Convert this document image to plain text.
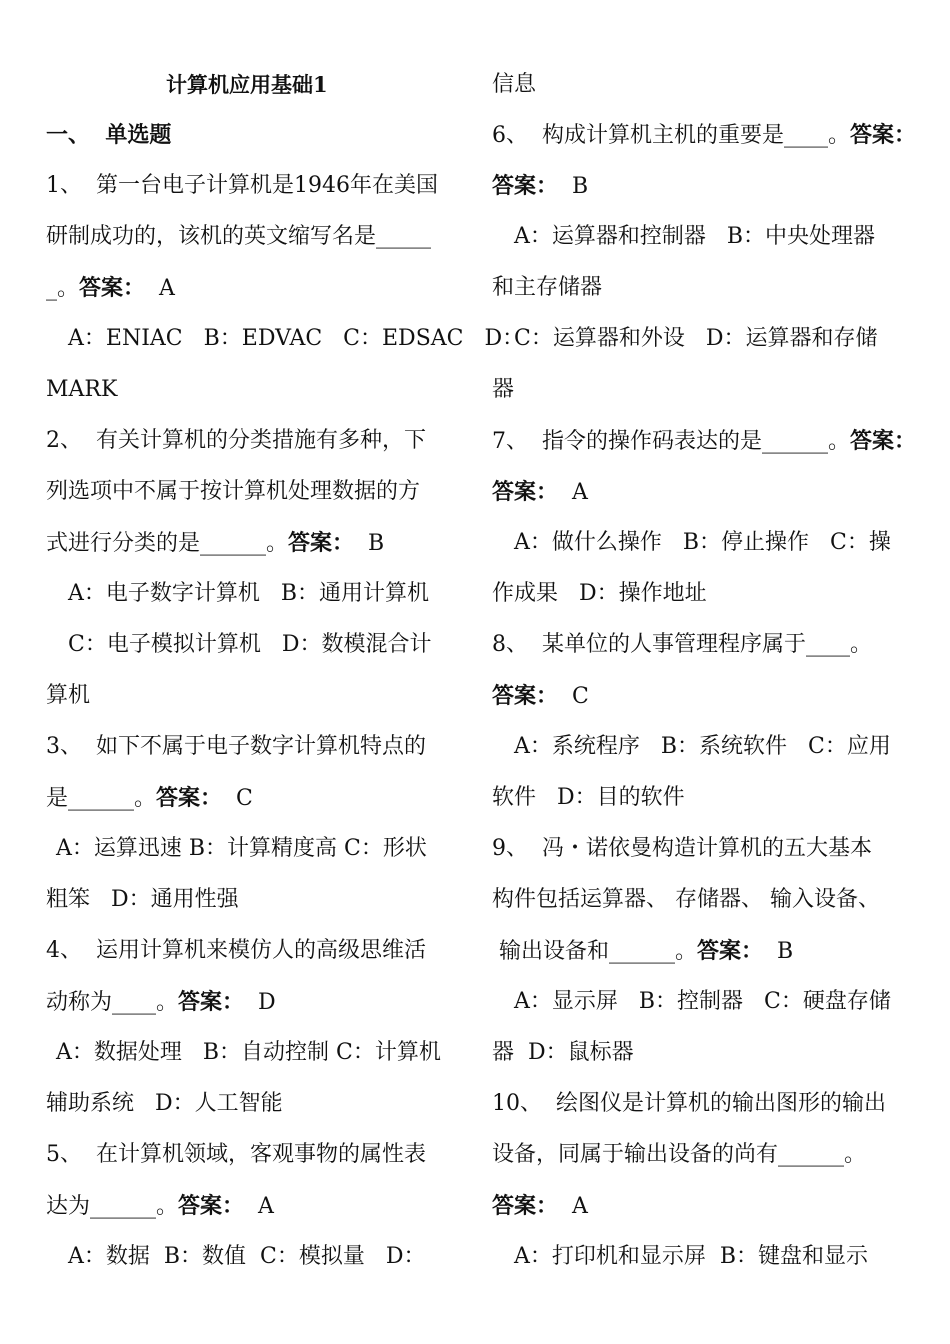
计算机应用基础1
一、  单选题
1、  第一台电子计算机是1946年在美国
研制成功的，该机的英文缩写名是_____
_。答案： A
A：ENIAC   B：EDVAC   C：EDSAC   D：
MARK
2、  有关计算机的分类措施有多种，下
列选项中不属于按计算机处理数据的方
式进行分类的是______。答案： B
A：电子数字计算机   B：通用计算机
C：电子模拟计算机   D：数模混合计
算机
3、  如下不属于电子数字计算机特点的
是______。答案： C
A：运算迅速 B：计算精度高 C：形状
粗笨   D：通用性强
4、  运用计算机来模仿人的高级思维活
动称为____。答案： D
A：数据处理   B：自动控制 C：计算机
辅助系统   D：人工智能
5、  在计算机领域，客观事物的属性表
达为______。答案： A
A：数据  B：数值  C：模拟量   D：
信息
6、  构成计算机主机的重要是____。答案：
答案： B
A：运算器和控制器   B：中央处理器
和主存储器
C：运算器和外设   D：运算器和存储
器
7、  指令的操作码表达的是______。答案：
答案： A
A：做什么操作   B：停止操作   C：操
作成果   D：操作地址
8、  某单位的人事管理程序属于____。
答案： C
A：系统程序   B：系统软件   C：应用
软件   D：目的软件
9、  冯・诺依曼构造计算机的五大基本
构件包括运算器、 存储器、 输入设备、
输出设备和______。答案： B
A：显示屏   B：控制器   C：硬盘存储
器  D：鼠标器
10、  绘图仪是计算机的输出图形的输出
设备，同属于输出设备的尚有______。
答案： A
A：打印机和显示屏  B：键盘和显示
